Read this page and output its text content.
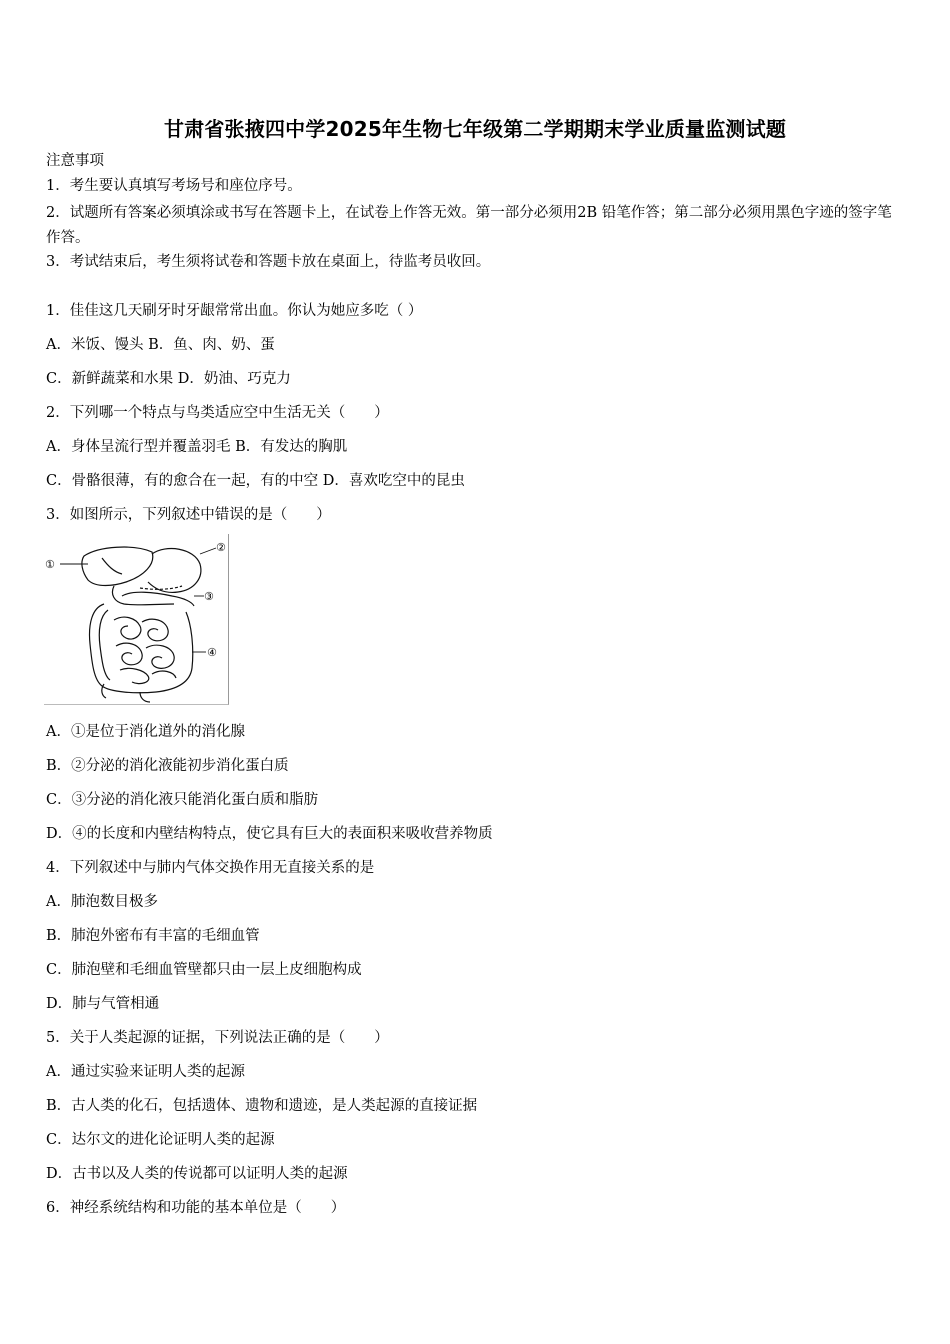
甘肃省张掖四中学2025年生物七年级第二学期期末学业质量监测试题
注意事项
1．考生要认真填写考场号和座位序号。
2．试题所有答案必须填涂或书写在答题卡上，在试卷上作答无效。第一部分必须用2B 铅笔作答；第二部分必须用黑色字迹的签字笔作答。
3．考试结束后，考生须将试卷和答题卡放在桌面上，待监考员收回。
1．佳佳这几天刷牙时牙龈常常出血。你认为她应多吃（ ）
A．米饭、馒头 B．鱼、肉、奶、蛋
C．新鲜蔬菜和水果 D．奶油、巧克力
2．下列哪一个特点与鸟类适应空中生活无关（　　）
A．身体呈流行型并覆盖羽毛 B．有发达的胸肌
C．骨骼很薄，有的愈合在一起，有的中空 D．喜欢吃空中的昆虫
3．如图所示，下列叙述中错误的是（　　）
①
②
③
④
A．①是位于消化道外的消化腺
B．②分泌的消化液能初步消化蛋白质
C．③分泌的消化液只能消化蛋白质和脂肪
D．④的长度和内壁结构特点，使它具有巨大的表面积来吸收营养物质
4．下列叙述中与肺内气体交换作用无直接关系的是
A．肺泡数目极多
B．肺泡外密布有丰富的毛细血管
C．肺泡壁和毛细血管壁都只由一层上皮细胞构成
D．肺与气管相通
5．关于人类起源的证据，下列说法正确的是（　　）
A．通过实验来证明人类的起源
B．古人类的化石，包括遗体、遗物和遗迹，是人类起源的直接证据
C．达尔文的进化论证明人类的起源
D．古书以及人类的传说都可以证明人类的起源
6．神经系统结构和功能的基本单位是（　　）
